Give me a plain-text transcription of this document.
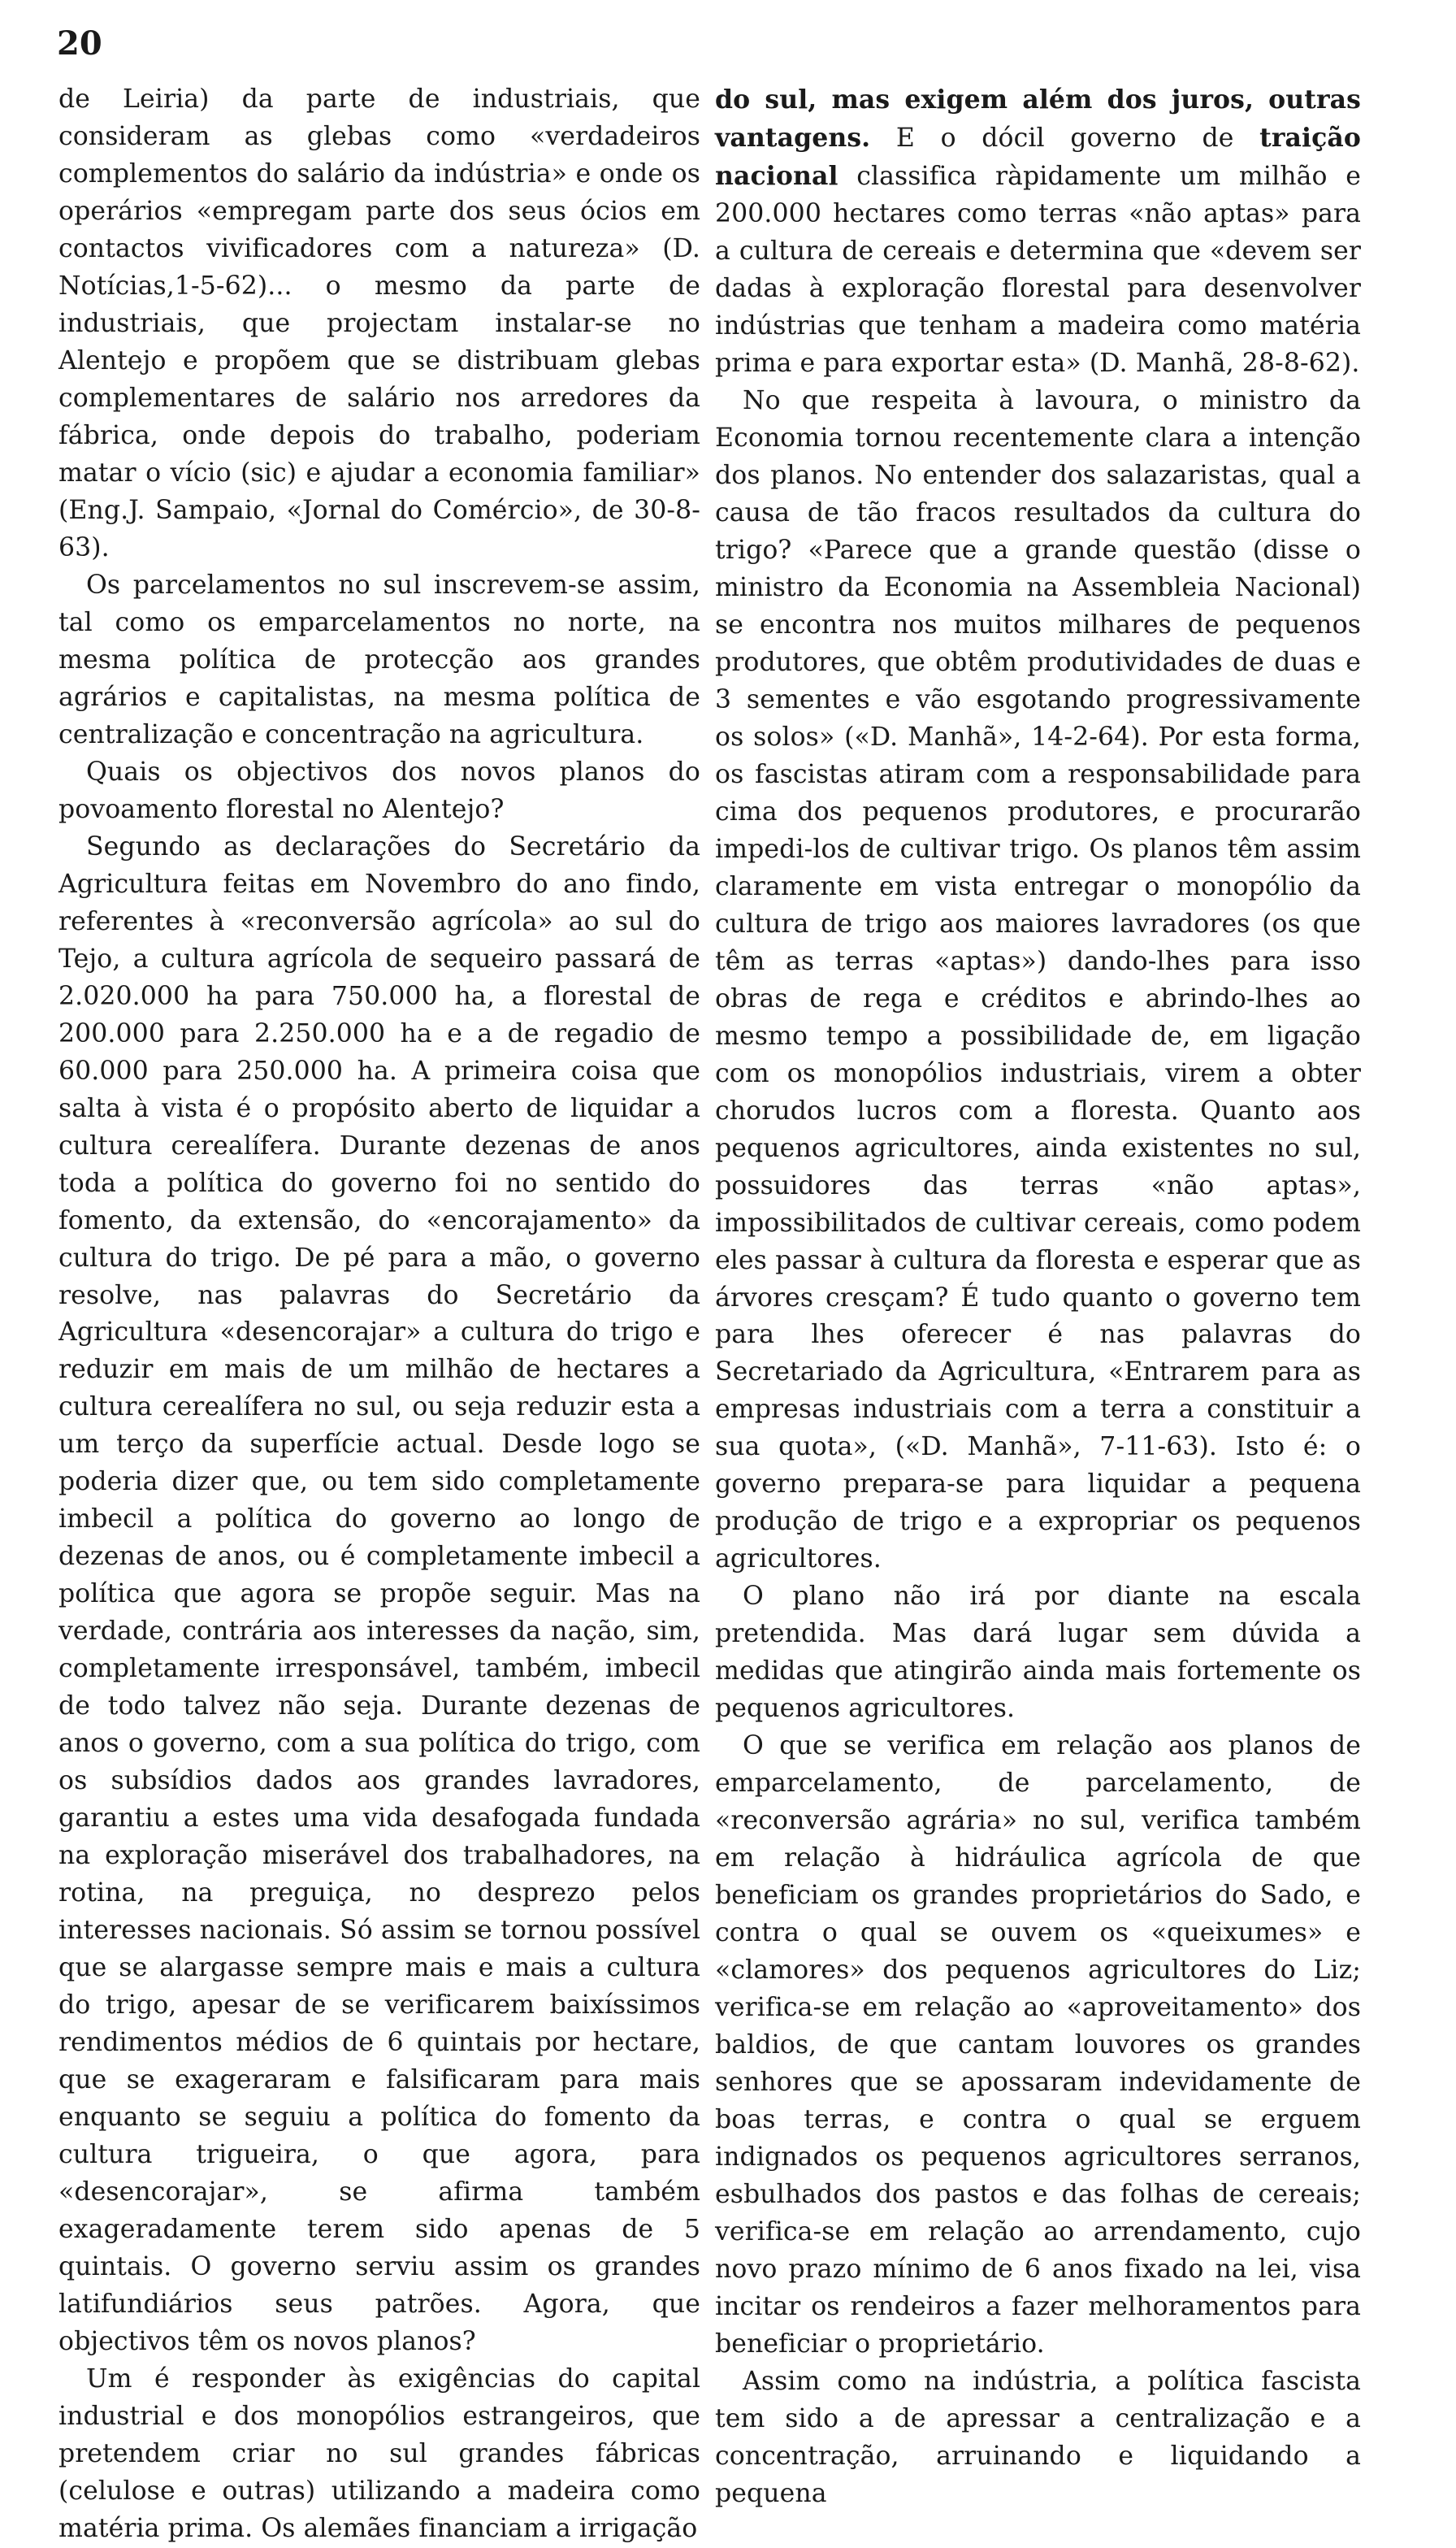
20

de Leiria) da parte de industriais, que consideram as glebas como «verdadeiros complementos do salário da indústria» e onde os operários «empregam parte dos seus ócios em contactos vivificadores com a natureza» (D. Notícias,1-5-62)... o mesmo da parte de industriais, que projectam instalar-se no Alentejo e propõem que se distribuam glebas complementares de salário nos arredores da fábrica, onde depois do trabalho, poderiam matar o vício (sic) e ajudar a economia familiar» (Eng.J. Sampaio, «Jornal do Comércio», de 30-8-63).

Os parcelamentos no sul inscrevem-se assim, tal como os emparcelamentos no norte, na mesma política de protecção aos grandes agrários e capitalistas, na mesma política de centralização e concentração na agricultura.

Quais os objectivos dos novos planos do povoamento florestal no Alentejo?

Segundo as declarações do Secretário da Agricultura feitas em Novembro do ano findo, referentes à «reconversão agrícola» ao sul do Tejo, a cultura agrícola de sequeiro passará de 2.020.000 ha para 750.000 ha, a florestal de 200.000 para 2.250.000 ha e a de regadio de 60.000 para 250.000 ha. A primeira coisa que salta à vista é o propósito aberto de liquidar a cultura cerealífera. Durante dezenas de anos toda a política do governo foi no sentido do fomento, da extensão, do «encorajamento» da cultura do trigo. De pé para a mão, o governo resolve, nas palavras do Secretário da Agricultura «desencorajar» a cultura do trigo e reduzir em mais de um milhão de hectares a cultura cerealífera no sul, ou seja reduzir esta a um terço da superfície actual. Desde logo se poderia dizer que, ou tem sido completamente imbecil a política do governo ao longo de dezenas de anos, ou é completamente imbecil a política que agora se propõe seguir. Mas na verdade, contrária aos interesses da nação, sim, completamente irresponsável, também, imbecil de todo talvez não seja. Durante dezenas de anos o governo, com a sua política do trigo, com os subsídios dados aos grandes lavradores, garantiu a estes uma vida desafogada fundada na exploração miserável dos trabalhadores, na rotina, na preguiça, no desprezo pelos interesses nacionais. Só assim se tornou possível que se alargasse sempre mais e mais a cultura do trigo, apesar de se verificarem baixíssimos rendimentos médios de 6 quintais por hectare, que se exageraram e falsificaram para mais enquanto se seguiu a política do fomento da cultura trigueira, o que agora, para «desencorajar», se afirma também exageradamente terem sido apenas de 5 quintais. O governo serviu assim os grandes latifundiários seus patrões. Agora, que objectivos têm os novos planos?

Um é responder às exigências do capital industrial e dos monopólios estrangeiros, que pretendem criar no sul grandes fábricas (celulose e outras) utilizando a madeira como matéria prima. Os alemães financiam a irrigação

do sul, mas exigem além dos juros, outras vantagens. E o dócil governo de traição nacional classifica ràpidamente um milhão e 200.000 hectares como terras «não aptas» para a cultura de cereais e determina que «devem ser dadas à exploração florestal para desenvolver indústrias que tenham a madeira como matéria prima e para exportar esta» (D. Manhã, 28-8-62).

No que respeita à lavoura, o ministro da Economia tornou recentemente clara a intenção dos planos. No entender dos salazaristas, qual a causa de tão fracos resultados da cultura do trigo? «Parece que a grande questão (disse o ministro da Economia na Assembleia Nacional) se encontra nos muitos milhares de pequenos produtores, que obtêm produtividades de duas e 3 sementes e vão esgotando progressivamente os solos» («D. Manhã», 14-2-64). Por esta forma, os fascistas atiram com a responsabilidade para cima dos pequenos produtores, e procurarão impedi-los de cultivar trigo. Os planos têm assim claramente em vista entregar o monopólio da cultura de trigo aos maiores lavradores (os que têm as terras «aptas») dando-lhes para isso obras de rega e créditos e abrindo-lhes ao mesmo tempo a possibilidade de, em ligação com os monopólios industriais, virem a obter chorudos lucros com a floresta. Quanto aos pequenos agricultores, ainda existentes no sul, possuidores das terras «não aptas», impossibilitados de cultivar cereais, como podem eles passar à cultura da floresta e esperar que as árvores cresçam? É tudo quanto o governo tem para lhes oferecer é nas palavras do Secretariado da Agricultura, «Entrarem para as empresas industriais com a terra a constituir a sua quota», («D. Manhã», 7-11-63). Isto é: o governo prepara-se para liquidar a pequena produção de trigo e a expropriar os pequenos agricultores.

O plano não irá por diante na escala pretendida. Mas dará lugar sem dúvida a medidas que atingirão ainda mais fortemente os pequenos agricultores.

O que se verifica em relação aos planos de emparcelamento, de parcelamento, de «reconversão agrária» no sul, verifica também em relação à hidráulica agrícola de que beneficiam os grandes proprietários do Sado, e contra o qual se ouvem os «queixumes» e «clamores» dos pequenos agricultores do Liz; verifica-se em relação ao «aproveitamento» dos baldios, de que cantam louvores os grandes senhores que se apossaram indevidamente de boas terras, e contra o qual se erguem indignados os pequenos agricultores serranos, esbulhados dos pastos e das folhas de cereais; verifica-se em relação ao arrendamento, cujo novo prazo mínimo de 6 anos fixado na lei, visa incitar os rendeiros a fazer melhoramentos para beneficiar o proprietário.

Assim como na indústria, a política fascista tem sido a de apressar a centralização e a concentração, arruinando e liquidando a pequena
